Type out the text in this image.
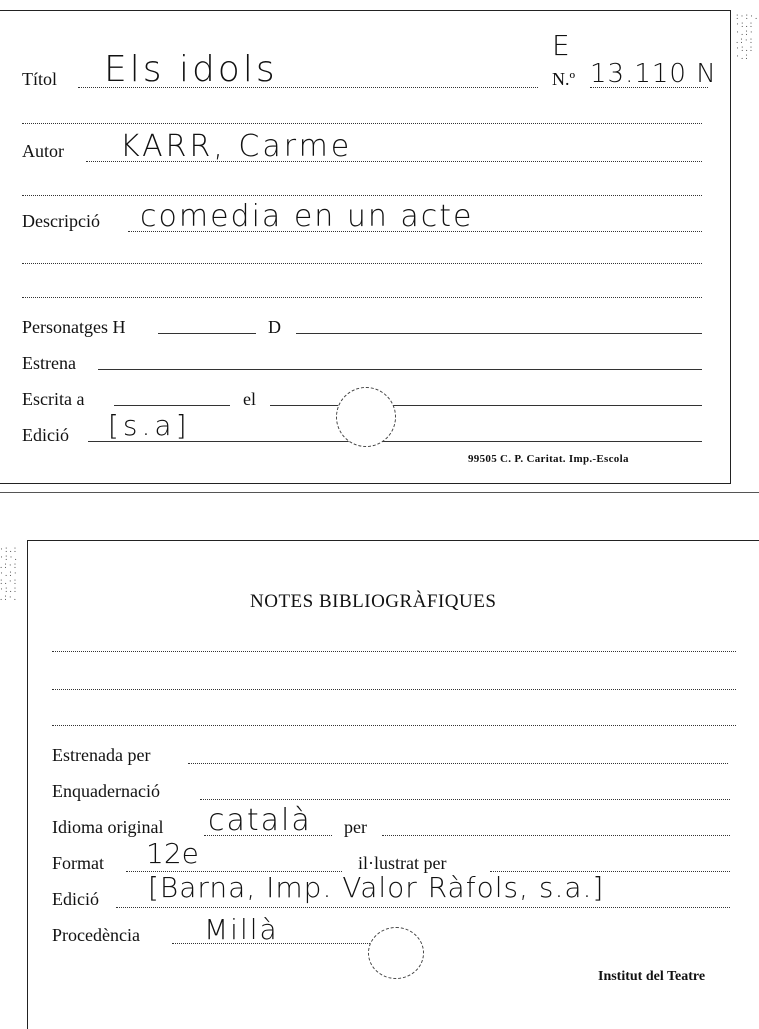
:·:·. ·:.: ·.:· .:·: ·:.: ·.:
·:.: ·:·. .:·: ·.:· :.·: ·:.: .:·.
Títol Els idols
E
N.º 13.110 N
Autor KARR, Carme
Descripció comedia en un acte
Personatges H	D
Estrena
Escrita a	el
Edició [s.a]
99505 C. P. Caritat. Imp.-Escola
NOTES BIBLIOGRÀFIQUES
Estrenada per
Enquadernació
Idioma original català per
Format 12e	il·lustrat per
Edició [Barna, Imp. Valor Ràfols, s.a.]
Procedència Millà
Institut del Teatre
